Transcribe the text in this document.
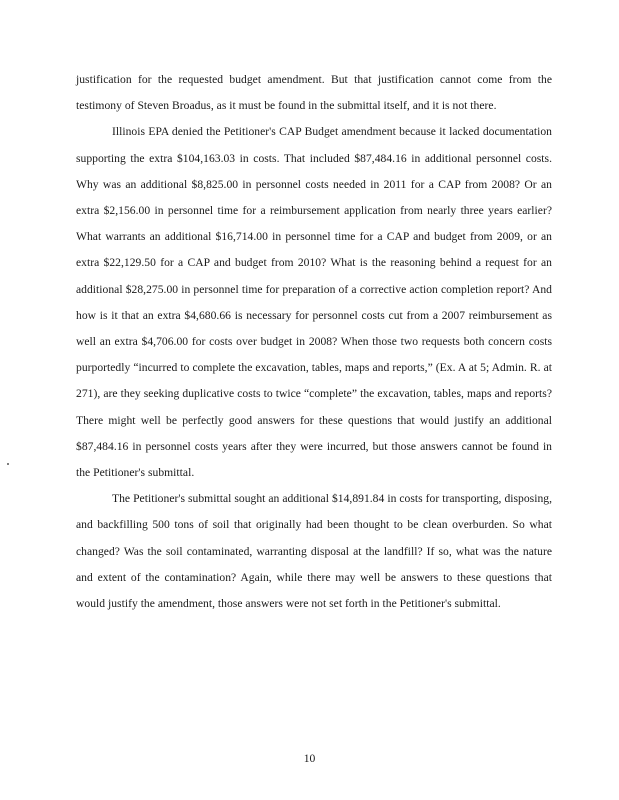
justification for the requested budget amendment. But that justification cannot come from the testimony of Steven Broadus, as it must be found in the submittal itself, and it is not there.

Illinois EPA denied the Petitioner's CAP Budget amendment because it lacked documentation supporting the extra $104,163.03 in costs. That included $87,484.16 in additional personnel costs. Why was an additional $8,825.00 in personnel costs needed in 2011 for a CAP from 2008? Or an extra $2,156.00 in personnel time for a reimbursement application from nearly three years earlier? What warrants an additional $16,714.00 in personnel time for a CAP and budget from 2009, or an extra $22,129.50 for a CAP and budget from 2010? What is the reasoning behind a request for an additional $28,275.00 in personnel time for preparation of a corrective action completion report? And how is it that an extra $4,680.66 is necessary for personnel costs cut from a 2007 reimbursement as well an extra $4,706.00 for costs over budget in 2008? When those two requests both concern costs purportedly “incurred to complete the excavation, tables, maps and reports,” (Ex. A at 5; Admin. R. at 271), are they seeking duplicative costs to twice “complete” the excavation, tables, maps and reports? There might well be perfectly good answers for these questions that would justify an additional $87,484.16 in personnel costs years after they were incurred, but those answers cannot be found in the Petitioner's submittal.

The Petitioner's submittal sought an additional $14,891.84 in costs for transporting, disposing, and backfilling 500 tons of soil that originally had been thought to be clean overburden. So what changed? Was the soil contaminated, warranting disposal at the landfill? If so, what was the nature and extent of the contamination? Again, while there may well be answers to these questions that would justify the amendment, those answers were not set forth in the Petitioner's submittal.

10
